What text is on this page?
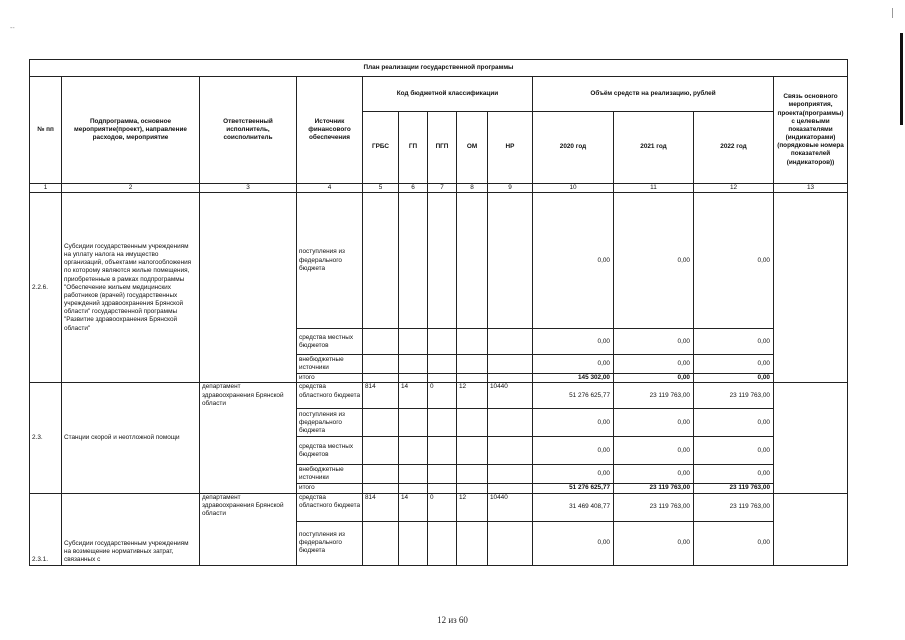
--
План реализации государственной программы												
№ пп	Подпрограмма, основное мероприятие(проект), направление расходов, мероприятие	Ответственный исполнитель, соисполнитель	Источник финансового обеспечения	Код бюджетной классификации					Объём средств на реализацию, рублей			Связь основного мероприятия, проекта(программы) с целевыми показателями (индикаторами) (порядковые номера показателей (индикаторов))
				ГРБС	ГП	ПГП	ОМ	НР	2020 год	2021 год	2022 год	
1	2	3	4	5	6	7	8	9	10	11	12	13
2.2.6.	Субсидии государственным учреждениям на уплату налога на имущество организаций, объектами налогообложения по которому являются жилые помещения, приобретенные в рамках подпрограммы "Обеспечение жильем медицинских работников (врачей) государственных учреждений здравоохранения Брянской области" государственной программы "Развитие здравоохранения Брянской области"		поступления из федерального бюджета						0,00	0,00	0,00	
			средства местных бюджетов						0,00	0,00	0,00	
			внебюджетные источники						0,00	0,00	0,00	
			итого						145 302,00	0,00	0,00	
2.3.	Станции скорой и неотложной помощи	департамент здравоохранения Брянской области	средства областного бюджета	814	14	0	12	10440	51 276 625,77	23 119 763,00	23 119 763,00	
			поступления из федерального бюджета						0,00	0,00	0,00	
			средства местных бюджетов						0,00	0,00	0,00	
			внебюджетные источники						0,00	0,00	0,00	
			итого						51 276 625,77	23 119 763,00	23 119 763,00	
2.3.1.	Субсидии государственным учреждениям на возмещение нормативных затрат, связанных с	департамент здравоохранения Брянской области	средства областного бюджета	814	14	0	12	10440	31 469 408,77	23 119 763,00	23 119 763,00	
			поступления из федерального бюджета						0,00	0,00	0,00	
12 из 60
